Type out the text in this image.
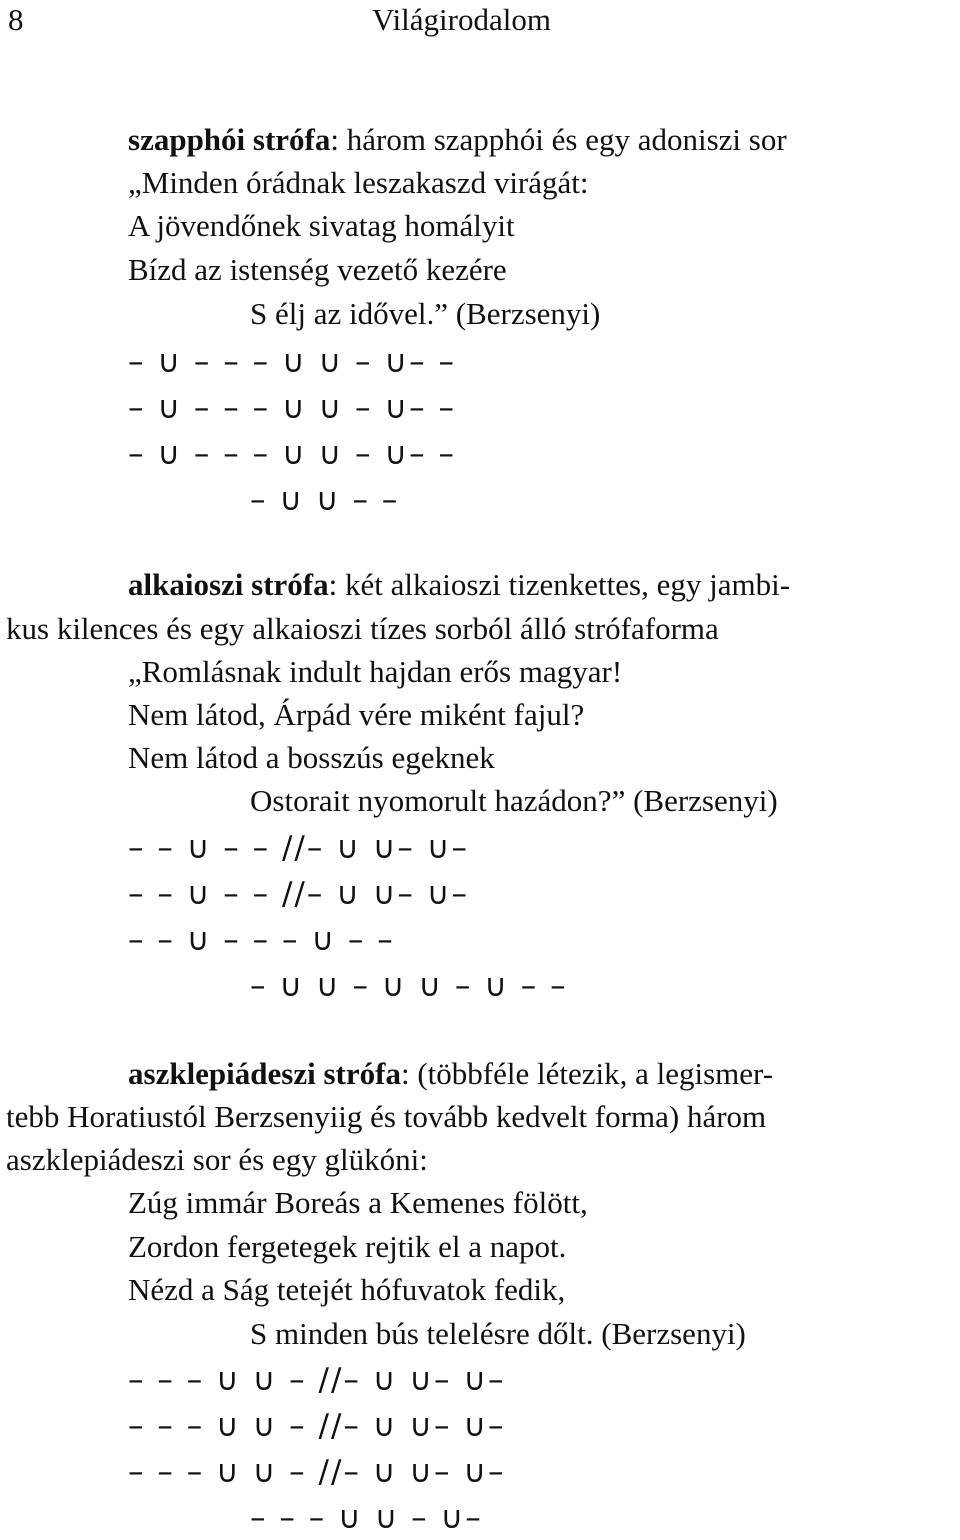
8	Világirodalom
szapphói strófa: három szapphói és egy adoniszi sor
„Minden órádnak leszakaszd virágát:
A jövendőnek sivatag homályit
Bízd az istenség vezető kezére
S élj az idővel.” (Berzsenyi)
– ∪ – – – ∪ ∪ – ∪– –
– ∪ – – – ∪ ∪ – ∪– –
– ∪ – – – ∪ ∪ – ∪– –
– ∪ ∪ – –
alkaioszi strófa: két alkaioszi tizenkettes, egy jambi-
kus kilences és egy alkaioszi tízes sorból álló strófaforma
„Romlásnak indult hajdan erős magyar!
Nem látod, Árpád vére miként fajul?
Nem látod a bosszús egeknek
Ostorait nyomorult hazádon?” (Berzsenyi)
– – ∪ – – //– ∪ ∪– ∪–
– – ∪ – – //– ∪ ∪– ∪–
– – ∪ – – – ∪ – –
– ∪ ∪ – ∪ ∪ – ∪ – –
aszklepiádeszi strófa: (többféle létezik, a legismer-
tebb Horatiustól Berzsenyiig és tovább kedvelt forma) három
aszklepiádeszi sor és egy glükóni:
Zúg immár Boreás a Kemenes fölött,
Zordon fergetegek rejtik el a napot.
Nézd a Ság tetejét hófuvatok fedik,
S minden bús telelésre dőlt. (Berzsenyi)
– – – ∪ ∪ – //– ∪ ∪– ∪–
– – – ∪ ∪ – //– ∪ ∪– ∪–
– – – ∪ ∪ – //– ∪ ∪– ∪–
– – – ∪ ∪ – ∪–
